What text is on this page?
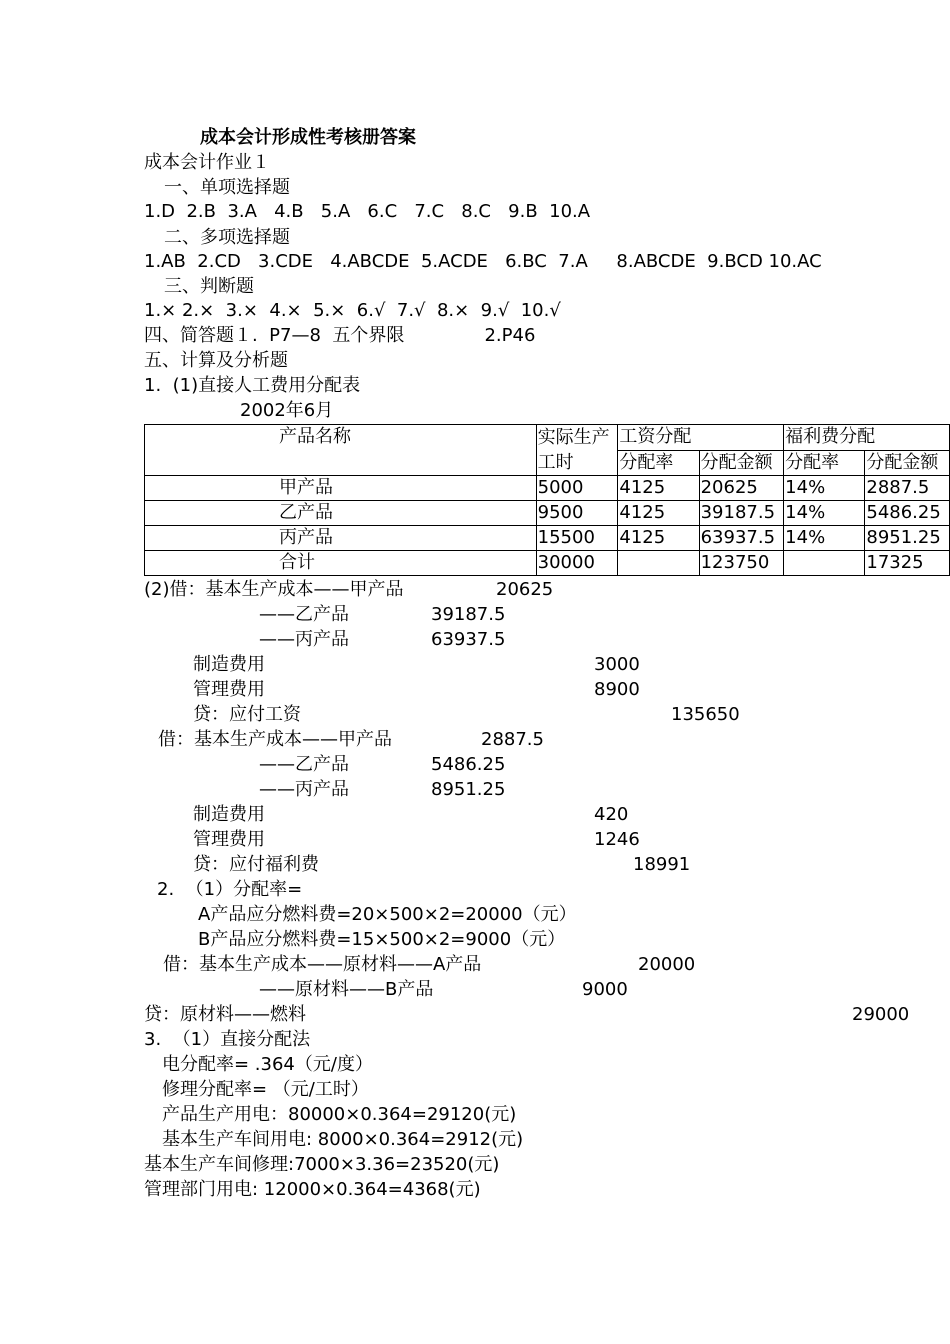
成本会计形成性考核册答案
成本会计作业１
一、单项选择题
1.D  2.B  3.A   4.B   5.A   6.C   7.C   8.C   9.B  10.A
二、多项选择题
1.AB  2.CD   3.CDE   4.ABCDE  5.ACDE   6.BC  7.A     8.ABCDE  9.BCD 10.AC
三、判断题
1.× 2.×  3.×  4.×  5.×  6.√  7.√  8.×  9.√  10.√
四、简答题１.  P7—8  五个界限              2.P46
五、计算及分析题
1.  (1)直接人工费用分配表
2002年6月
产品名称	实际生产
工时	工资分配		福利费分配	
		分配率	分配金额	分配率	分配金额
甲产品	5000	4125	20625	14%	2887.5
乙产品	9500	4125	39187.5	14%	5486.25
丙产品	15500	4125	63937.5	14%	8951.25
合计	30000		123750		17325
(2)借：基本生产成本——甲产品	20625
——乙产品	39187.5
——丙产品	63937.5
制造费用	3000
管理费用	8900
贷：应付工资	135650
借：基本生产成本——甲产品	2887.5
——乙产品	5486.25
——丙产品	8951.25
制造费用	420
管理费用	1246
贷：应付福利费	18991
2.  （1）分配率=
A产品应分燃料费=20×500×2=20000（元）
B产品应分燃料费=15×500×2=9000（元）
借：基本生产成本——原材料——A产品	20000
——原材料——B产品	9000
贷：原材料——燃料	29000
3.  （1）直接分配法
电分配率= .364（元/度）
修理分配率= （元/工时）
产品生产用电：80000×0.364=29120(元)
基本生产车间用电: 8000×0.364=2912(元)
基本生产车间修理:7000×3.36=23520(元)
管理部门用电: 12000×0.364=4368(元)
